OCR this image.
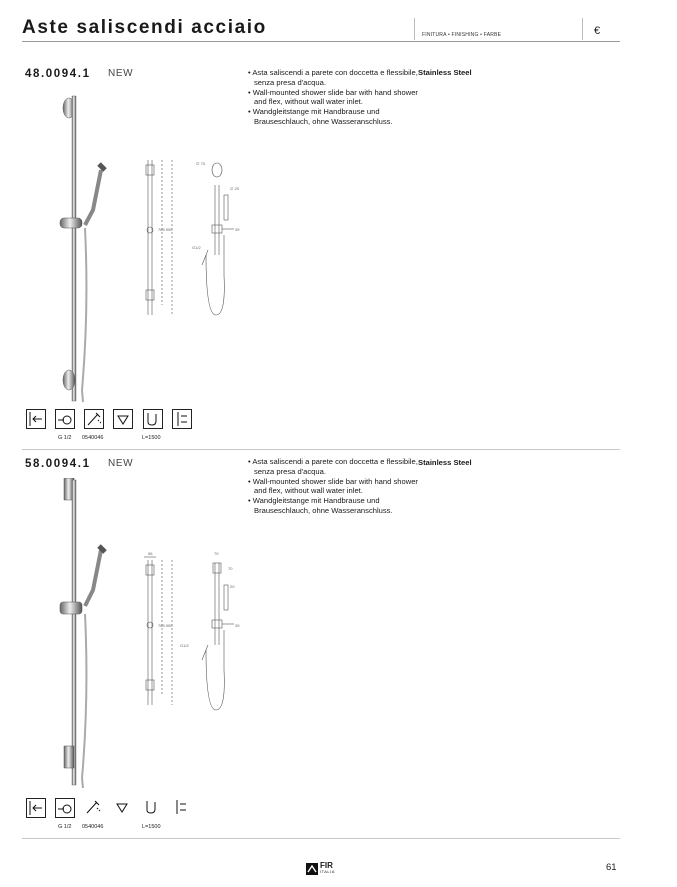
Aste saliscendi acciaio	FINITURA • FINISHING • FARBE	€
48.0094.1 NEW	• Asta saliscendi a parete con doccetta e flessibile, senza presa d'acqua.
• Wall-mounted shower slide bar with hand shower and flex, without wall water inlet.
• Wandgleitstange mit Handbrause und Brauseschlauch, ohne Wasseranschluss.
Stainless Steel
∅ 70
∅ 20
765 900	39
G1/2
G 1/2 0540046	L=1500
58.0094.1 NEW	• Asta saliscendi a parete con doccetta e flessibile, senza presa d'acqua.
• Wall-mounted shower slide bar with hand shower and flex, without wall water inlet.
• Wandgleitstange mit Handbrause und Brauseschlauch, ohne Wasseranschluss.
Stainless Steel
56	70
70
20
765 900	39
G1/2
G 1/2 0540046	L=1500
FIR
ITALIA	61
